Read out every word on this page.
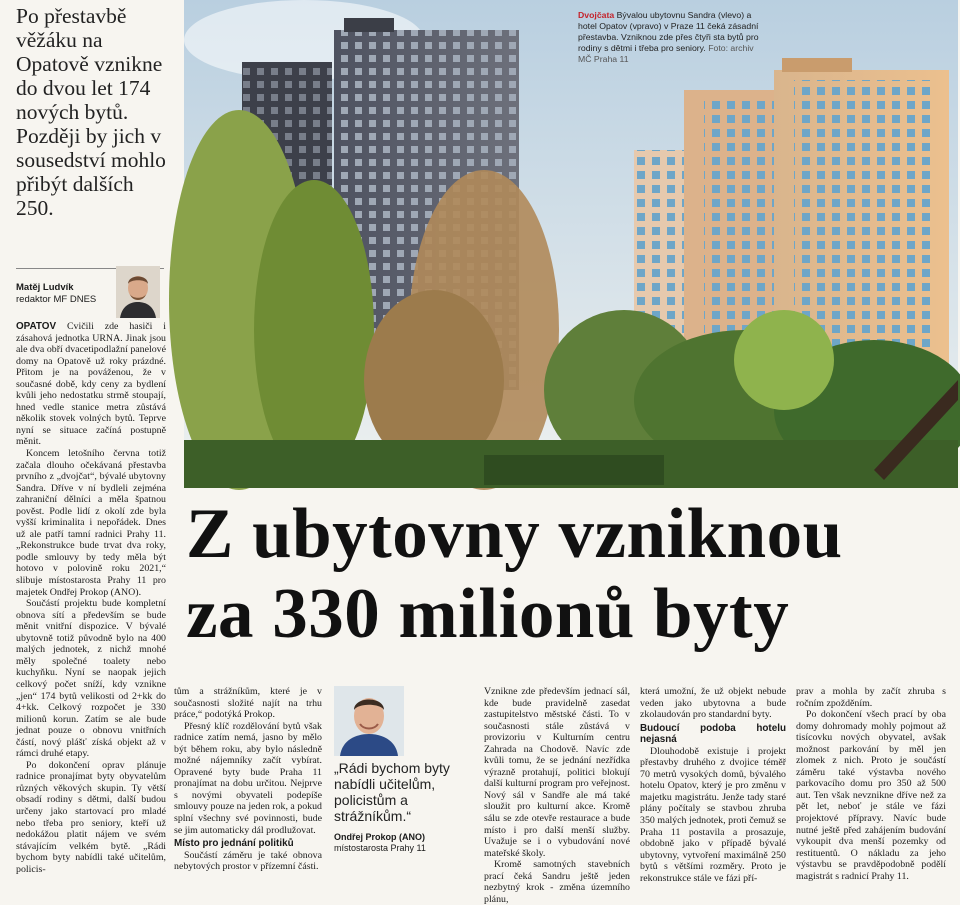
Po přestavbě věžáku na Opatově vznikne do dvou let 174 nových bytů. Později by jich v sousedství mohlo přibýt dalších 250.
Matěj Ludvík
redaktor MF DNES

OPATOV Cvičili zde hasiči i zásahová jednotka URNA. Jinak jsou ale dva obří dvacetipodlažní panelové domy na Opatově už roky prázdné. Přitom je na pováženou, že v současné době, kdy ceny za bydlení kvůli jeho nedostatku strmě stoupají, hned vedle stanice metra zůstává několik stovek volných bytů. Teprve nyní se situace začíná postupně měnit.

Koncem letošního června totiž začala dlouho očekávaná přestavba prvního z „dvojčat“, bývalé ubytovny Sandra. Dříve v ní bydleli zejména zahraniční dělníci a měla špatnou pověst. Podle lidí z okolí zde byla vyšší kriminalita i nepořádek. Dnes už ale patří tamní radnici Prahy 11. „Rekonstrukce bude trvat dva roky, podle smlouvy by tedy měla být hotovo v polovině roku 2021,“ slibuje místostarosta Prahy 11 pro majetek Ondřej Prokop (ANO).

Součástí projektu bude kompletní obnova sítí a především se bude měnit vnitřní dispozice. V bývalé ubytovně totiž původně bylo na 400 malých jednotek, z nichž mnohé měly společné toalety nebo kuchyňku. Nyní se naopak jejich celkový počet sníží, kdy vznikne „jen“ 174 bytů velikosti od 2+kk do 4+kk. Celkový rozpočet je 330 milionů korun. Zatím se ale bude jednat pouze o obnovu vnitřních částí, nový plášť získá objekt až v rámci druhé etapy.

Po dokončení oprav plánuje radnice pronajímat byty obyvatelům různých věkových skupin. Ty větší obsadí rodiny s dětmi, další budou určeny jako startovací pro mladé nebo třeba pro seniory, kteří už nedokážou platit nájem ve svém stávajícím velkém bytě. „Rádi bychom byty nabídli také učitelům, policis-

Dvojčata Bývalou ubytovnu Sandra (vlevo) a hotel Opatov (vpravo) v Praze 11 čeká zásadní přestavba. Vzniknou zde přes čtyři sta bytů pro rodiny s dětmi i třeba pro seniory. Foto: archiv MČ Praha 11
Z ubytovny vzniknou
za 330 milionů byty

tům a strážníkům, které je v současnosti složité najít na trhu práce,“ podotýká Prokop.

Přesný klíč rozdělování bytů však radnice zatím nemá, jasno by mělo být během roku, aby bylo následně možné nájemníky začít vybírat. Opravené byty bude Praha 11 pronajímat na dobu určitou. Nejprve s novými obyvateli podepíše smlouvy pouze na jeden rok, a pokud splní všechny své povinnosti, bude se jim automaticky dál prodlužovat.

Místo pro jednání politiků

Součástí záměru je také obnova nebytových prostor v přízemní části.

„Rádi bychom byty nabídli učitelům, policistům a strážníkům.“
Ondřej Prokop (ANO)
místostarosta Prahy 11

Vznikne zde především jednací sál, kde bude pravidelně zasedat zastupitelstvo městské části. To v současnosti stále zůstává v provizoriu v Kulturním centru Zahrada na Chodově. Navíc zde kvůli tomu, že se jednání nezřídka výrazně protahují, politici blokují další kulturní program pro veřejnost. Nový sál v Sandře ale má také sloužit pro kulturní akce. Kromě sálu se zde otevře restaurace a bude místo i pro další menší služby. Uvažuje se i o vybudování nové mateřské školy.

Kromě samotných stavebních prací čeká Sandru ještě jeden nezbytný krok - změna územního plánu,

která umožní, že už objekt nebude veden jako ubytovna a bude zkolaudován pro standardní byty.

Budoucí podoba hotelu nejasná

Dlouhodobě existuje i projekt přestavby druhého z dvojice téměř 70 metrů vysokých domů, bývalého hotelu Opatov, který je pro změnu v majetku magistrátu. Jenže tady staré plány počítaly se stavbou zhruba 350 malých jednotek, proti čemuž se Praha 11 postavila a prosazuje, obdobně jako v případě bývalé ubytovny, vytvoření maximálně 250 bytů s většími rozměry. Proto je rekonstrukce stále ve fázi pří-

prav a mohla by začít zhruba s ročním zpožděním.

Po dokončení všech prací by oba domy dohromady mohly pojmout až tisícovku nových obyvatel, avšak možnost parkování by měl jen zlomek z nich. Proto je součástí záměru také výstavba nového parkovacího domu pro 350 až 500 aut. Ten však nevznikne dříve než za pět let, neboť je stále ve fázi projektové přípravy. Navíc bude nutné ještě před zahájením budování vykoupit dva menší pozemky od restituentů. O nákladu za jeho výstavbu se pravděpodobně podělí magistrát s radnicí Prahy 11.
